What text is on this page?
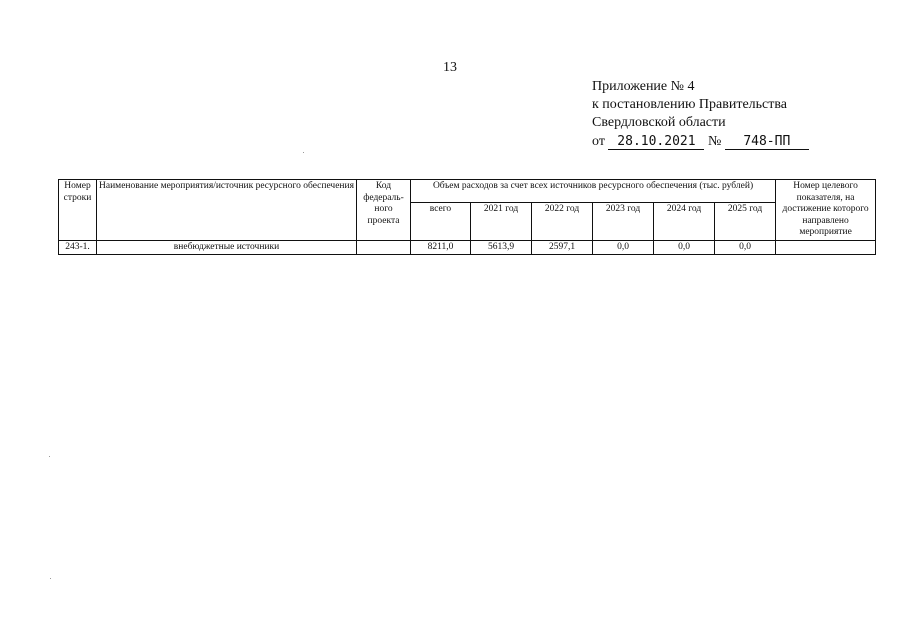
13
Приложение № 4
к постановлению Правительства
Свердловской области
от 28.10.2021 № 748-ПП
Номер строки	Наименование мероприятия/источник ресурсного обеспечения	Код федераль-ного проекта	Объем расходов за счет всех источников ресурсного обеспечения (тыс. рублей)						Номер целевого показателя, на достижение которого направлено мероприятие
			всего	2021 год	2022 год	2023 год	2024 год	2025 год	
243-1.	внебюджетные источники		8211,0	5613,9	2597,1	0,0	0,0	0,0	
